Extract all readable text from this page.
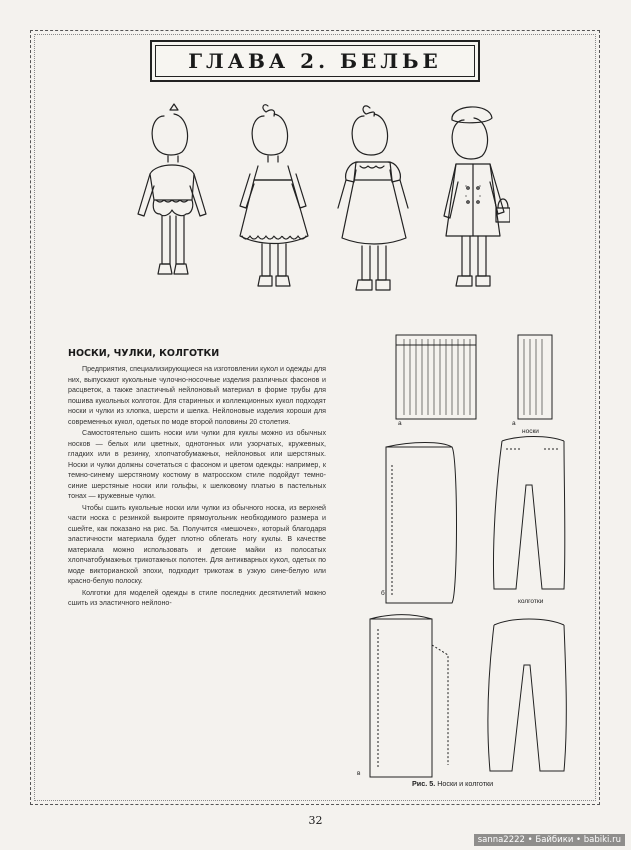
ГЛАВА 2. БЕЛЬЕ
НОСКИ, ЧУЛКИ, КОЛГОТКИ

Предприятия, специализирующиеся на изготовлении кукол и одежды для них, выпускают кукольные чулочно-носочные изделия различных фасонов и расцветок, а также эластичный нейлоновый материал в форме трубы для пошива кукольных колготок. Для старинных и коллекционных кукол подходят носки и чулки из хлопка, шерсти и шелка. Нейлоновые изделия хороши для современных кукол, одетых по моде второй половины 20 столетия.

Самостоятельно сшить носки или чулки для куклы можно из обычных носков — белых или цветных, однотонных или узорчатых, кружевных, гладких или в резинку, хлопчатобумажных, нейлоновых или шерстяных. Носки и чулки должны сочетаться с фасоном и цветом одежды: например, к темно-синему шерстяному костюму в матросском стиле подойдут темно-синие шерстяные носки или гольфы, к шелковому платью в пастельных тонах — кружевные чулки.

Чтобы сшить кукольные носки или чулки из обычного носка, из верхней части носка с резинкой выкроите прямоугольник необходимого размера и сшейте, как показано на рис. 5а. Получится «мешочек», который благодаря эластичности материала будет плотно облегать ногу куклы. В качестве материала можно использовать и детские майки из полосатых хлопчатобумажных трикотажных полотен. Для антикварных кукол, одетых по моде викторианской эпохи, подходит трикотаж в узкую сине-белую или красно-белую полоску.

Колготки для моделей одежды в стиле последних десятилетий можно сшить из эластичного нейлоно-

а	а
носки
б
колготки
в
Рис. 5. Носки и колготки
32
sanna2222 • Байбики • babiki.ru
